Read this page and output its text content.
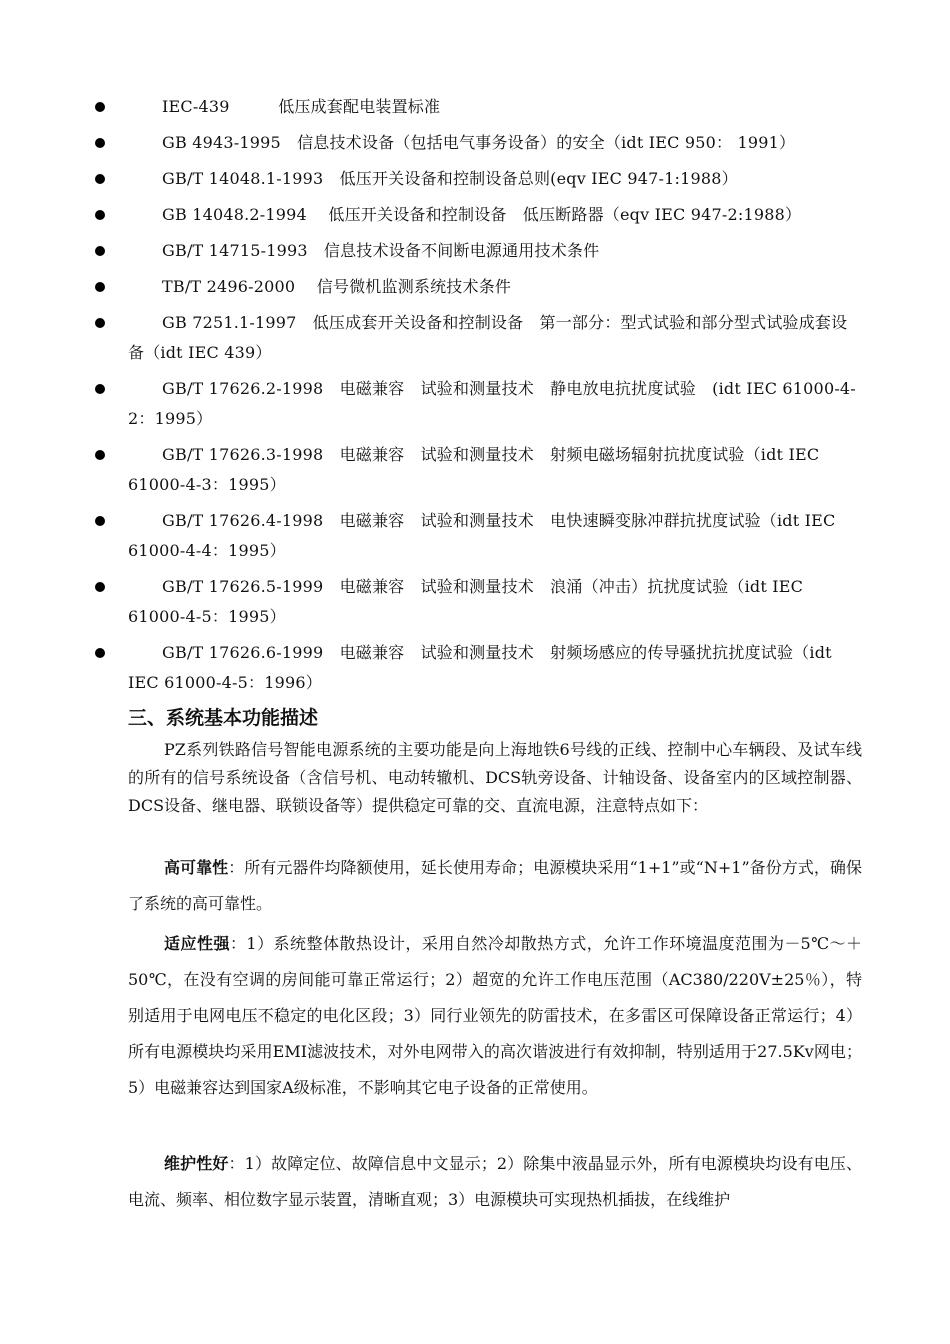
IEC-439　　　低压成套配电装置标准
GB 4943-1995　信息技术设备（包括电气事务设备）的安全（idt IEC 950： 1991）
GB/T 14048.1-1993　低压开关设备和控制设备总则(eqv IEC 947-1:1988）
GB 14048.2-1994　 低压开关设备和控制设备　低压断路器（eqv IEC 947-2:1988）
GB/T 14715-1993　信息技术设备不间断电源通用技术条件
TB/T 2496-2000　 信号微机监测系统技术条件
GB 7251.1-1997　低压成套开关设备和控制设备　第一部分：型式试验和部分型式试验成套设备（idt IEC 439）
GB/T 17626.2-1998　电磁兼容　试验和测量技术　静电放电抗扰度试验　(idt IEC 61000-4-2：1995）
GB/T 17626.3-1998　电磁兼容　试验和测量技术　射频电磁场辐射抗扰度试验（idt IEC 61000-4-3：1995）
GB/T 17626.4-1998　电磁兼容　试验和测量技术　电快速瞬变脉冲群抗扰度试验（idt IEC 61000-4-4：1995）
GB/T 17626.5-1999　电磁兼容　试验和测量技术　浪涌（冲击）抗扰度试验（idt IEC 61000-4-5：1995）
GB/T 17626.6-1999　电磁兼容　试验和测量技术　射频场感应的传导骚扰抗扰度试验（idt IEC 61000-4-5：1996）
三、系统基本功能描述

PZ系列铁路信号智能电源系统的主要功能是向上海地铁6号线的正线、控制中心车辆段、及试车线的所有的信号系统设备（含信号机、电动转辙机、DCS轨旁设备、计轴设备、设备室内的区域控制器、DCS设备、继电器、联锁设备等）提供稳定可靠的交、直流电源，注意特点如下：

高可靠性：所有元器件均降额使用，延长使用寿命；电源模块采用“1+1”或“N+1”备份方式，确保了系统的高可靠性。

适应性强：1）系统整体散热设计，采用自然冷却散热方式，允许工作环境温度范围为－5℃～＋50℃，在没有空调的房间能可靠正常运行；2）超宽的允许工作电压范围（AC380/220V±25％），特别适用于电网电压不稳定的电化区段；3）同行业领先的防雷技术，在多雷区可保障设备正常运行；4）所有电源模块均采用EMI滤波技术，对外电网带入的高次谐波进行有效抑制，特别适用于27.5Kv网电；5）电磁兼容达到国家A级标准，不影响其它电子设备的正常使用。

维护性好：1）故障定位、故障信息中文显示；2）除集中液晶显示外，所有电源模块均设有电压、电流、频率、相位数字显示装置，清晰直观；3）电源模块可实现热机插拔，在线维护
